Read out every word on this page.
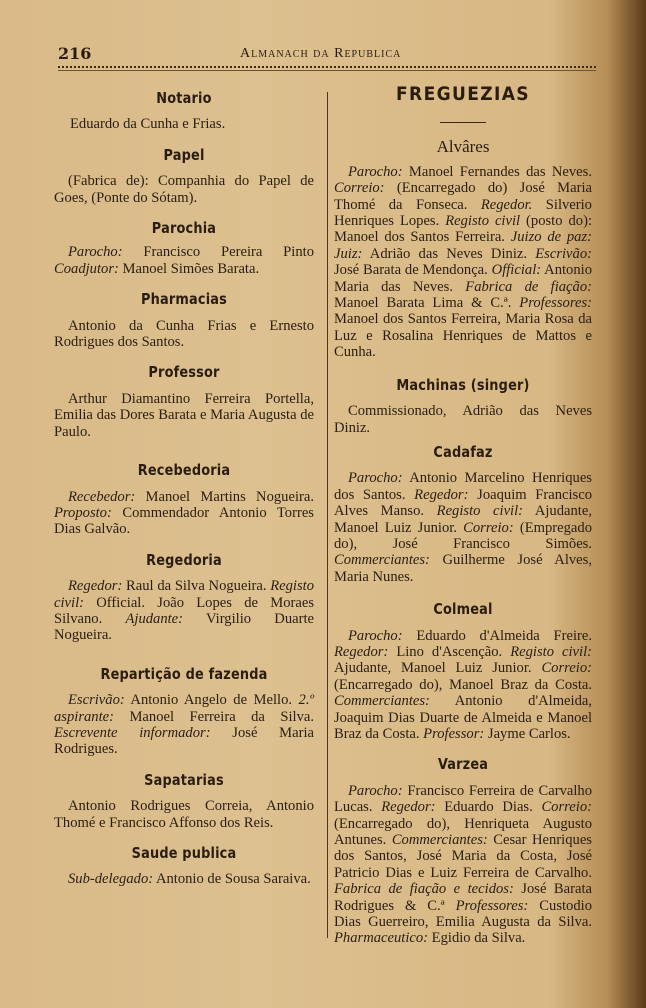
216	Almanach da Republica
Notario

Eduardo da Cunha e Frias.

Papel

(Fabrica de): Companhia do Papel de Goes, (Ponte do Sótam).

Parochia

Parocho: Francisco Pereira Pinto Coadjutor: Manoel Simões Barata.

Pharmacias

Antonio da Cunha Frias e Ernesto Rodrigues dos Santos.

Professor

Arthur Diamantino Ferreira Portella, Emilia das Dores Barata e Maria Augusta de Paulo.

Recebedoria

Recebedor: Manoel Martins Nogueira. Proposto: Commendador Antonio Torres Dias Galvão.

Regedoria

Regedor: Raul da Silva Nogueira. Registo civil: Official. João Lopes de Moraes Silvano. Ajudante: Virgilio Duarte Nogueira.

Repartição de fazenda

Escrivão: Antonio Angelo de Mello. 2.º aspirante: Manoel Ferreira da Silva. Escrevente informador: José Maria Rodrigues.

Sapatarias

Antonio Rodrigues Correia, Antonio Thomé e Francisco Affonso dos Reis.

Saude publica

Sub-delegado: Antonio de Sousa Saraiva.

FREGUEZIAS
Alvâres

Parocho: Manoel Fernandes das Neves. Correio: (Encarregado do) José Maria Thomé da Fonseca. Regedor. Silverio Henriques Lopes. Registo civil (posto do): Manoel dos Santos Ferreira. Juizo de paz: Juiz: Adrião das Neves Diniz. Escrivão: José Barata de Mendonça. Official: Antonio Maria das Neves. Fabrica de fiação: Manoel Barata Lima & C.ª. Professores: Manoel dos Santos Ferreira, Maria Rosa da Luz e Rosalina Henriques de Mattos e Cunha.

Machinas (singer)

Commissionado, Adrião das Neves Diniz.

Cadafaz

Parocho: Antonio Marcelino Henriques dos Santos. Regedor: Joaquim Francisco Alves Manso. Registo civil: Ajudante, Manoel Luiz Junior. Correio: (Empregado do), José Francisco Simões. Commerciantes: Guilherme José Alves, Maria Nunes.

Colmeal

Parocho: Eduardo d'Almeida Freire. Regedor: Lino d'Ascenção. Registo civil: Ajudante, Manoel Luiz Junior. Correio: (Encarregado do), Manoel Braz da Costa. Commerciantes: Antonio d'Almeida, Joaquim Dias Duarte de Almeida e Manoel Braz da Costa. Professor: Jayme Carlos.

Varzea

Parocho: Francisco Ferreira de Carvalho Lucas. Regedor: Eduardo Dias. Correio: (Encarregado do), Henriqueta Augusto Antunes. Commerciantes: Cesar Henriques dos Santos, José Maria da Costa, José Patricio Dias e Luiz Ferreira de Carvalho. Fabrica de fiação e tecidos: José Barata Rodrigues & C.ª Professores: Custodio Dias Guerreiro, Emilia Augusta da Silva. Pharmaceutico: Egidio da Silva.
